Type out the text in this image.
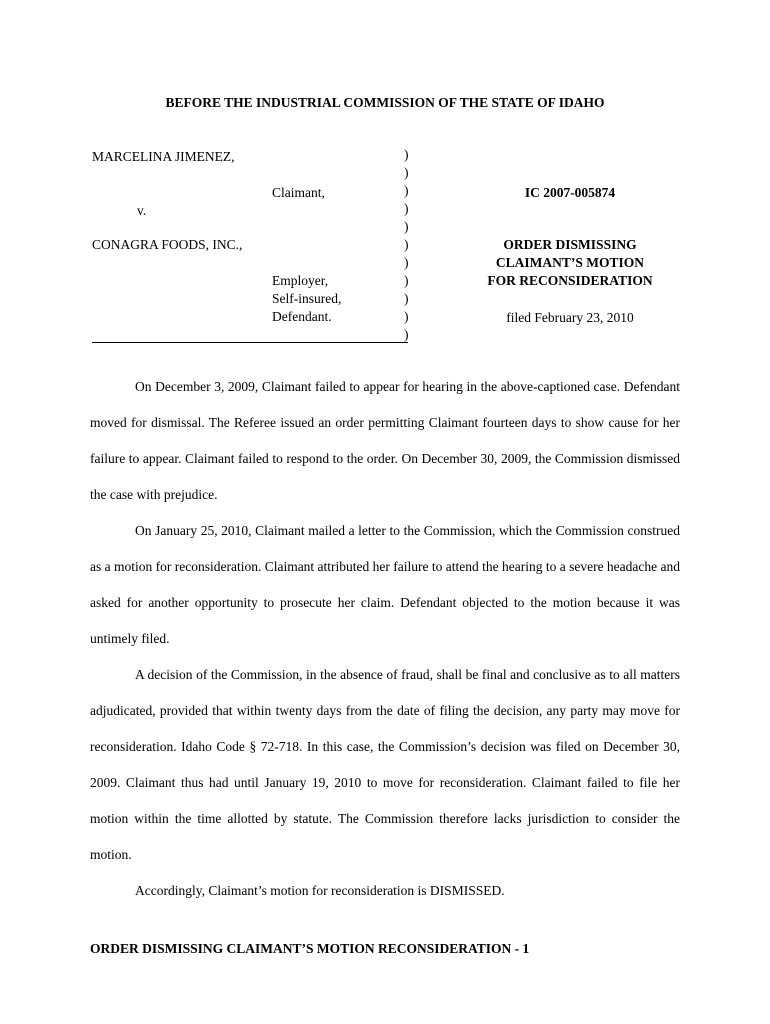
BEFORE THE INDUSTRIAL COMMISSION OF THE STATE OF IDAHO
MARCELINA JIMENEZ,
Claimant,
v.
CONAGRA FOODS, INC.,
Employer,
Self-insured,
Defendant.
)
)
)
)
)
)
)
)
)
)
)
IC 2007-005874
ORDER DISMISSING
CLAIMANT’S MOTION
FOR RECONSIDERATION
filed February 23, 2010

On December 3, 2009, Claimant failed to appear for hearing in the above-captioned case. Defendant moved for dismissal. The Referee issued an order permitting Claimant fourteen days to show cause for her failure to appear. Claimant failed to respond to the order. On December 30, 2009, the Commission dismissed the case with prejudice.

On January 25, 2010, Claimant mailed a letter to the Commission, which the Commission construed as a motion for reconsideration. Claimant attributed her failure to attend the hearing to a severe headache and asked for another opportunity to prosecute her claim. Defendant objected to the motion because it was untimely filed.

A decision of the Commission, in the absence of fraud, shall be final and conclusive as to all matters adjudicated, provided that within twenty days from the date of filing the decision, any party may move for reconsideration. Idaho Code § 72-718. In this case, the Commission’s decision was filed on December 30, 2009. Claimant thus had until January 19, 2010 to move for reconsideration. Claimant failed to file her motion within the time allotted by statute. The Commission therefore lacks jurisdiction to consider the motion.

Accordingly, Claimant’s motion for reconsideration is DISMISSED.

ORDER DISMISSING CLAIMANT’S MOTION RECONSIDERATION - 1
